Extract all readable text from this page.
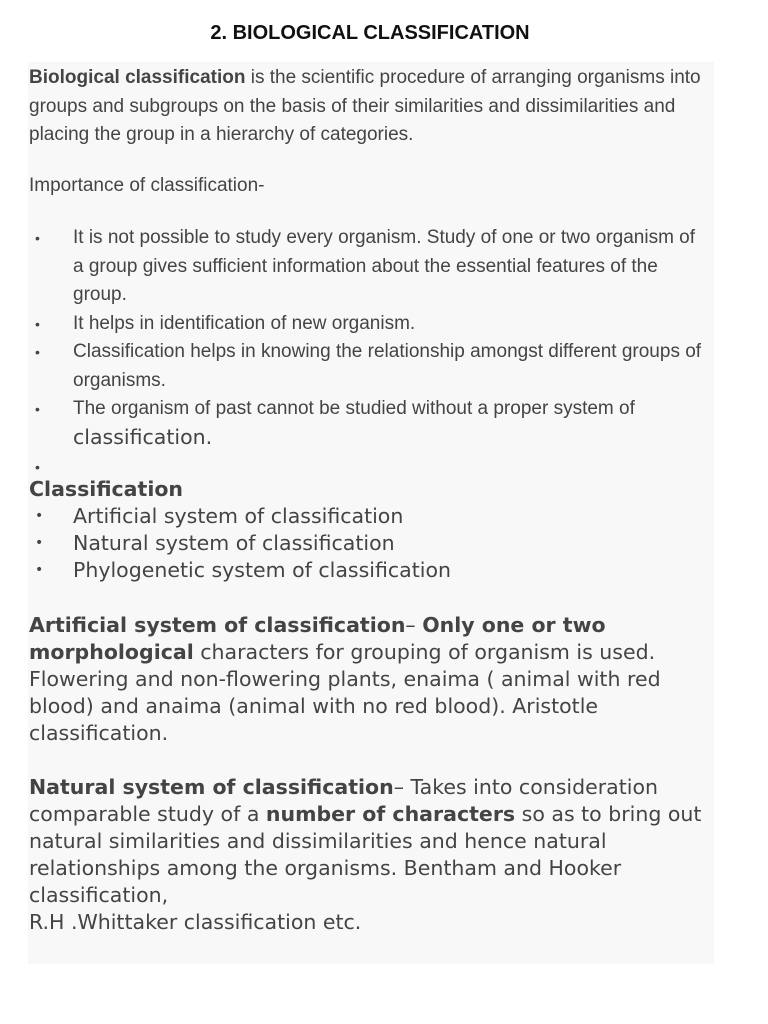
2. BIOLOGICAL CLASSIFICATION
Biological classification is the scientific procedure of arranging organisms into groups and subgroups on the basis of their similarities and dissimilarities and placing the group in a hierarchy of categories.
Importance of classification-
• It is not possible to study every organism. Study of one or two organism of a group gives sufficient information about the essential features of the group.
• It helps in identification of new organism.
• Classification helps in knowing the relationship amongst different groups of organisms.
• The organism of past cannot be studied without a proper system of
classification.
•
Classification
• Artificial system of classification
• Natural system of classification
• Phylogenetic system of classification
Artificial system of classification– Only one or two morphological characters for grouping of organism is used. Flowering and non-flowering plants, enaima ( animal with red blood) and anaima (animal with no red blood). Aristotle classification.
Natural system of classification– Takes into consideration comparable study of a number of characters so as to bring out natural similarities and dissimilarities and hence natural relationships among the organisms. Bentham and Hooker classification,
R.H .Whittaker classification etc.
